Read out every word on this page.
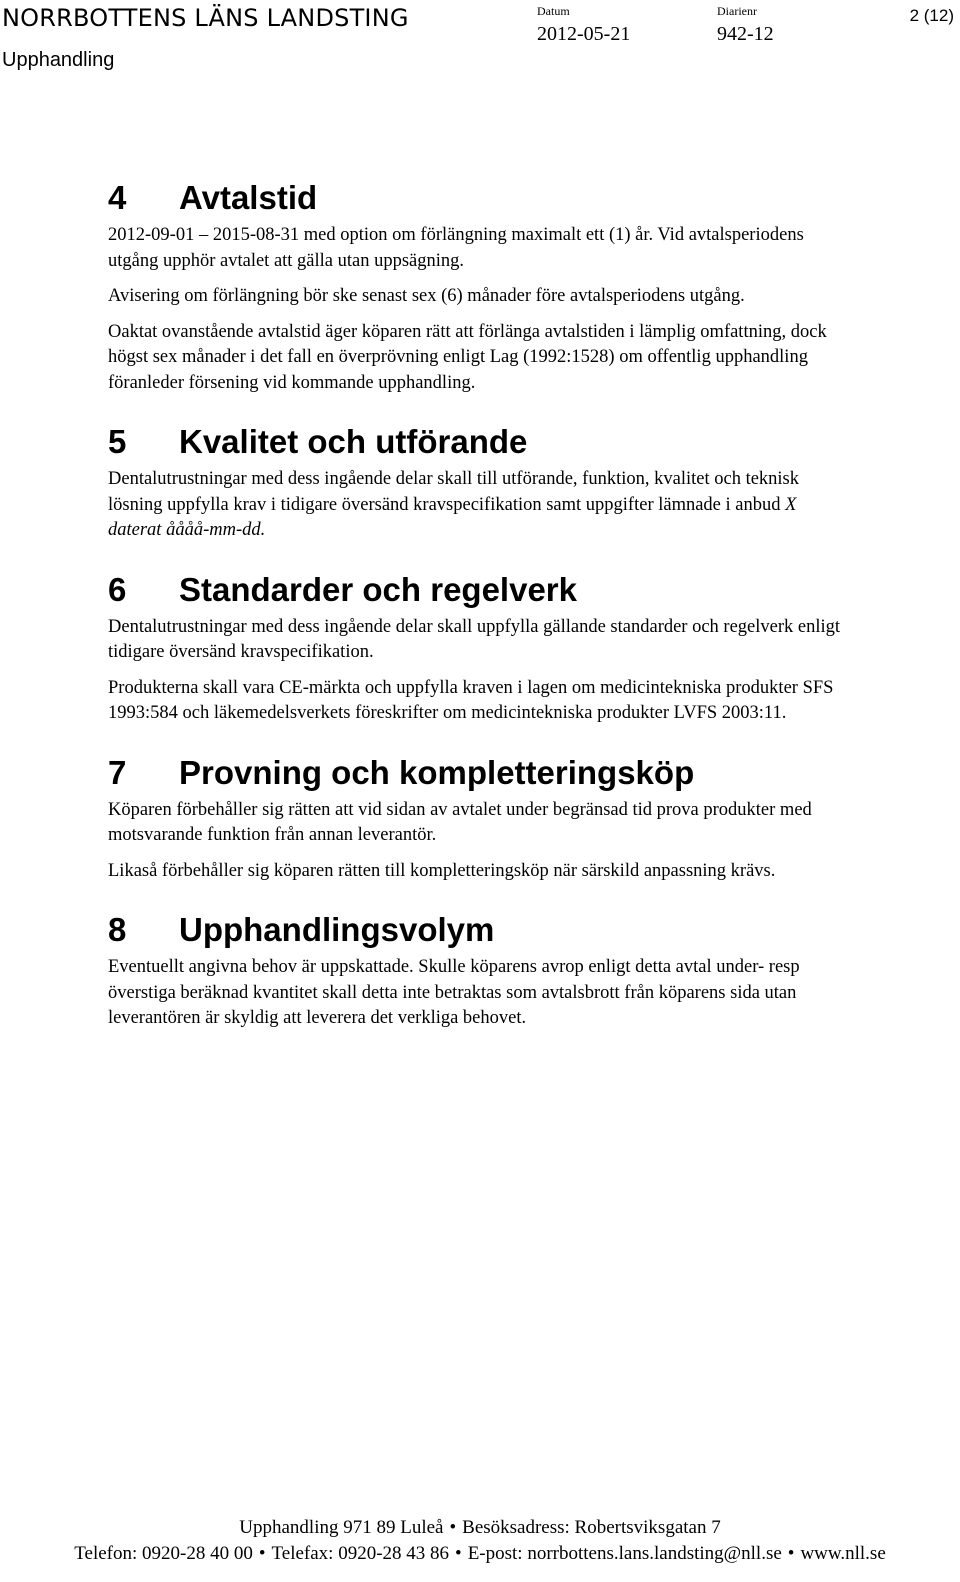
NORRBOTTENS LÄNS LANDSTING
Upphandling
Datum
2012-05-21
Diarienr
942-12
2 (12)
4 Avtalstid

2012-09-01 – 2015-08-31 med option om förlängning maximalt ett (1) år. Vid avtalsperiodens utgång upphör avtalet att gälla utan uppsägning.

Avisering om förlängning bör ske senast sex (6) månader före avtalsperiodens utgång.

Oaktat ovanstående avtalstid äger köparen rätt att förlänga avtalstiden i lämplig omfattning, dock högst sex månader i det fall en överprövning enligt Lag (1992:1528) om offentlig upphandling föranleder försening vid kommande upphandling.

5 Kvalitet och utförande

Dentalutrustningar med dess ingående delar skall till utförande, funktion, kvalitet och teknisk lösning uppfylla krav i tidigare översänd kravspecifikation samt uppgifter lämnade i anbud X daterat åååå-mm-dd.

6 Standarder och regelverk

Dentalutrustningar med dess ingående delar skall uppfylla gällande standarder och regelverk enligt tidigare översänd kravspecifikation.

Produkterna skall vara CE-märkta och uppfylla kraven i lagen om medicintekniska produkter SFS 1993:584 och läkemedelsverkets föreskrifter om medicintekniska produkter LVFS 2003:11.

7 Provning och kompletteringsköp

Köparen förbehåller sig rätten att vid sidan av avtalet under begränsad tid prova produkter med motsvarande funktion från annan leverantör.

Likaså förbehåller sig köparen rätten till kompletteringsköp när särskild anpassning krävs.

8 Upphandlingsvolym

Eventuellt angivna behov är uppskattade. Skulle köparens avrop enligt detta avtal under- resp överstiga beräknad kvantitet skall detta inte betraktas som avtalsbrott från köparens sida utan leverantören är skyldig att leverera det verkliga behovet.

Upphandling 971 89 Luleå • Besöksadress: Robertsviksgatan 7
Telefon: 0920-28 40 00 • Telefax: 0920-28 43 86 • E-post: norrbottens.lans.landsting@nll.se • www.nll.se
